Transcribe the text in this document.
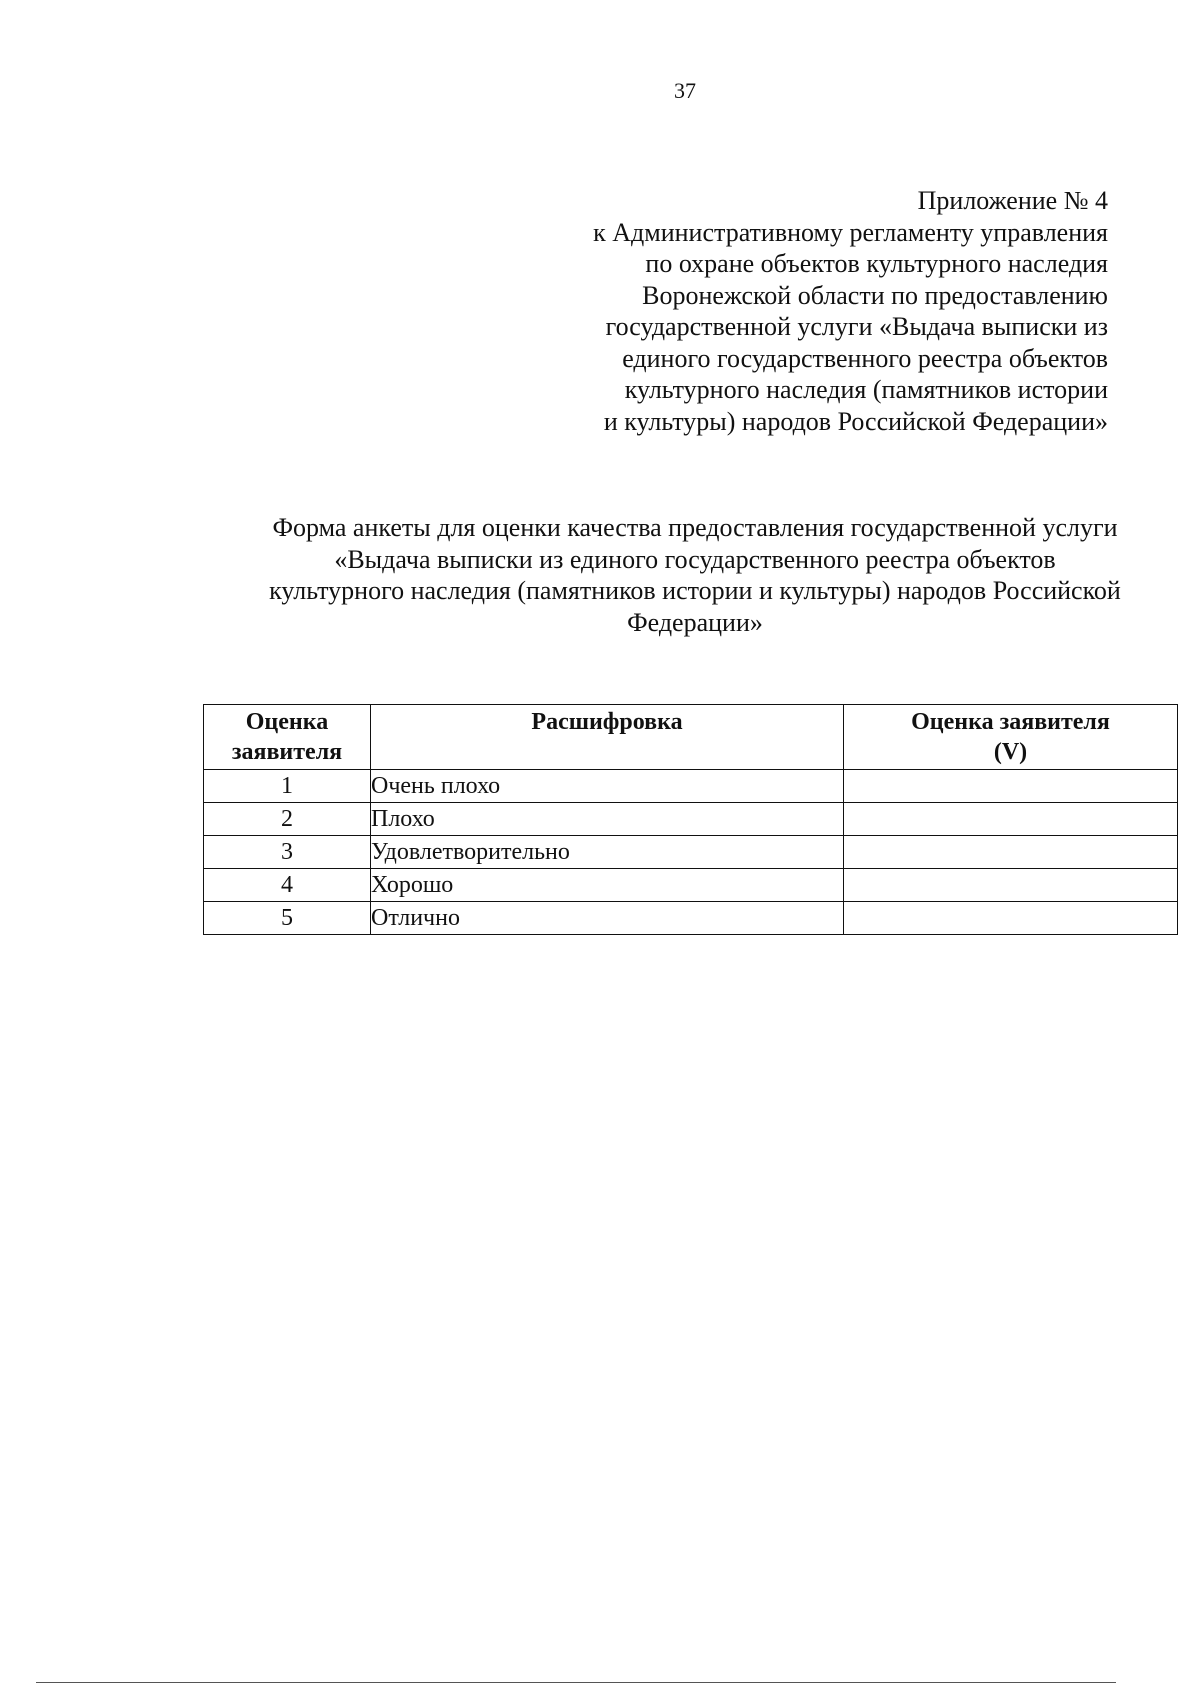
37
Приложение № 4
к Административному регламенту управления
по охране объектов культурного наследия
Воронежской области по предоставлению
государственной услуги «Выдача выписки из
единого государственного реестра объектов
культурного наследия (памятников истории
и культуры) народов Российской Федерации»
Форма анкеты для оценки качества предоставления государственной услуги
«Выдача выписки из единого государственного реестра объектов
культурного наследия (памятников истории и культуры) народов Российской
Федерации»
Оценка
заявителя	Расшифровка	Оценка заявителя
(V)
1	Очень плохо	
2	Плохо	
3	Удовлетворительно	
4	Хорошо	
5	Отлично	
